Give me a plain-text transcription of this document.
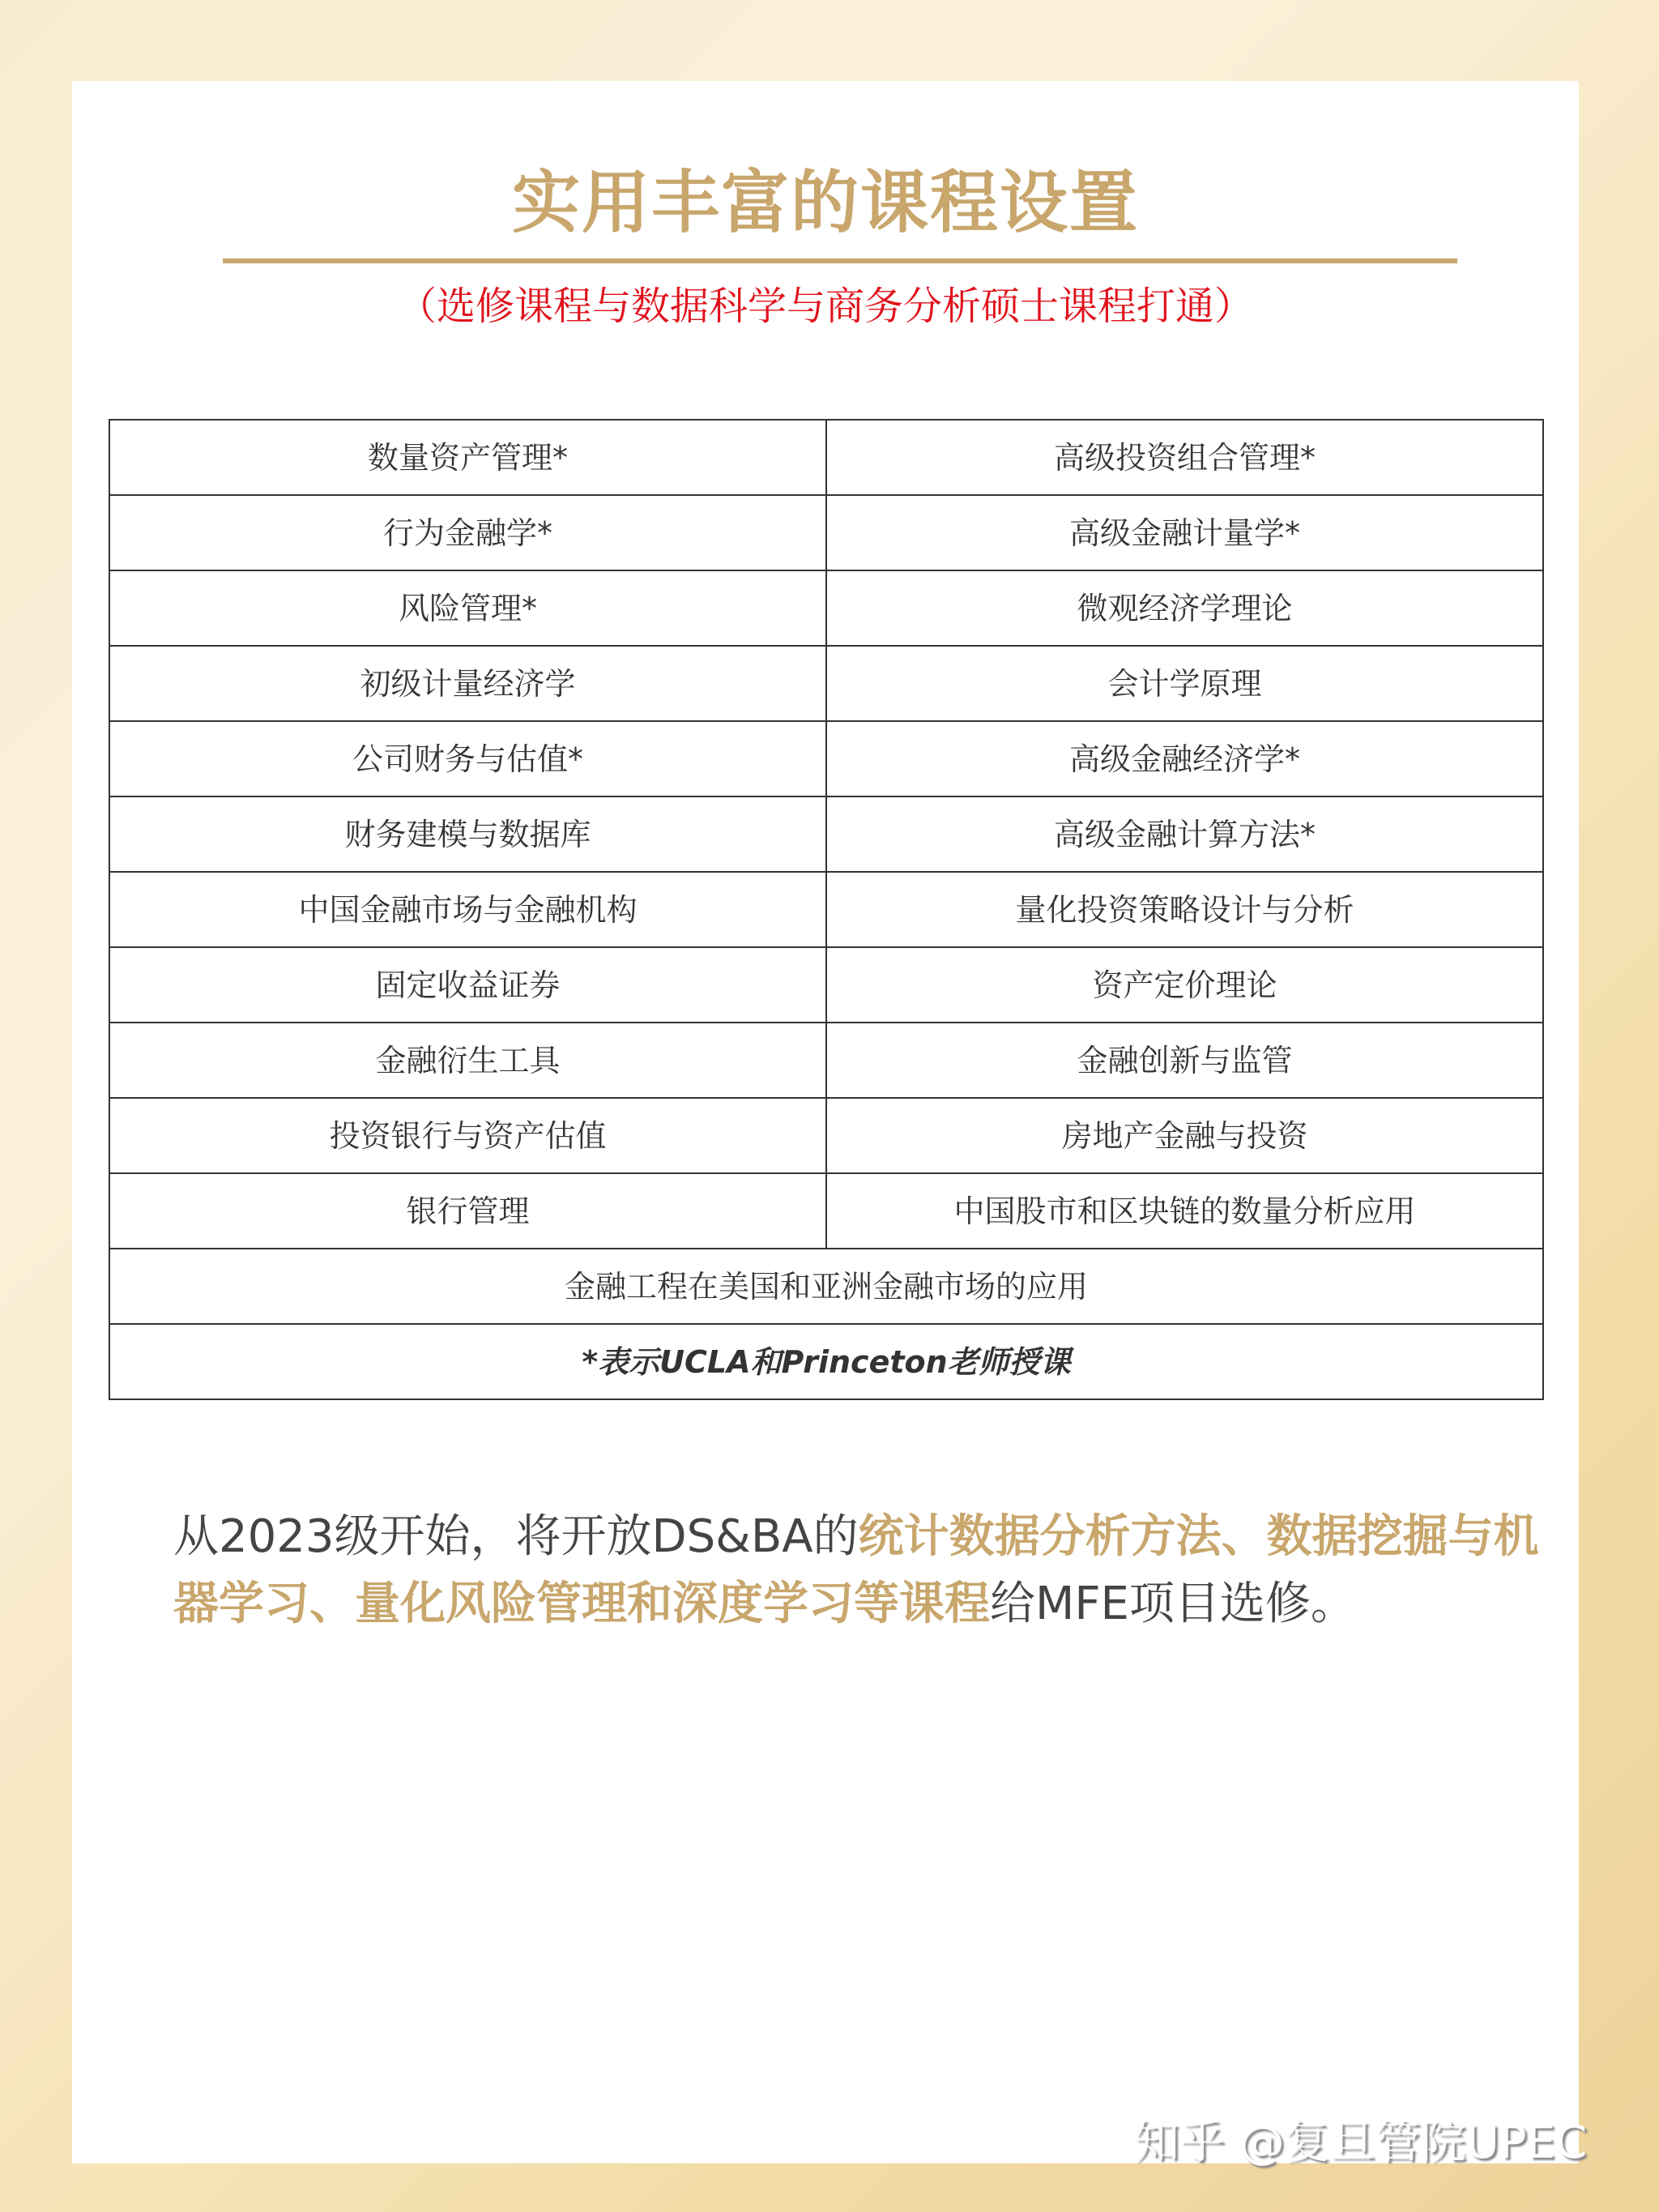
实用丰富的课程设置
（选修课程与数据科学与商务分析硕士课程打通）
数量资产管理*	高级投资组合管理*
行为金融学*	高级金融计量学*
风险管理*	微观经济学理论
初级计量经济学	会计学原理
公司财务与估值*	高级金融经济学*
财务建模与数据库	高级金融计算方法*
中国金融市场与金融机构	量化投资策略设计与分析
固定收益证券	资产定价理论
金融衍生工具	金融创新与监管
投资银行与资产估值	房地产金融与投资
银行管理	中国股市和区块链的数量分析应用
金融工程在美国和亚洲金融市场的应用	
*表示UCLA和Princeton老师授课	
从2023级开始，将开放DS&BA的统计数据分析方法、数据挖掘与机器学习、量化风险管理和深度学习等课程给MFE项目选修。
知乎 @复旦管院UPEC
